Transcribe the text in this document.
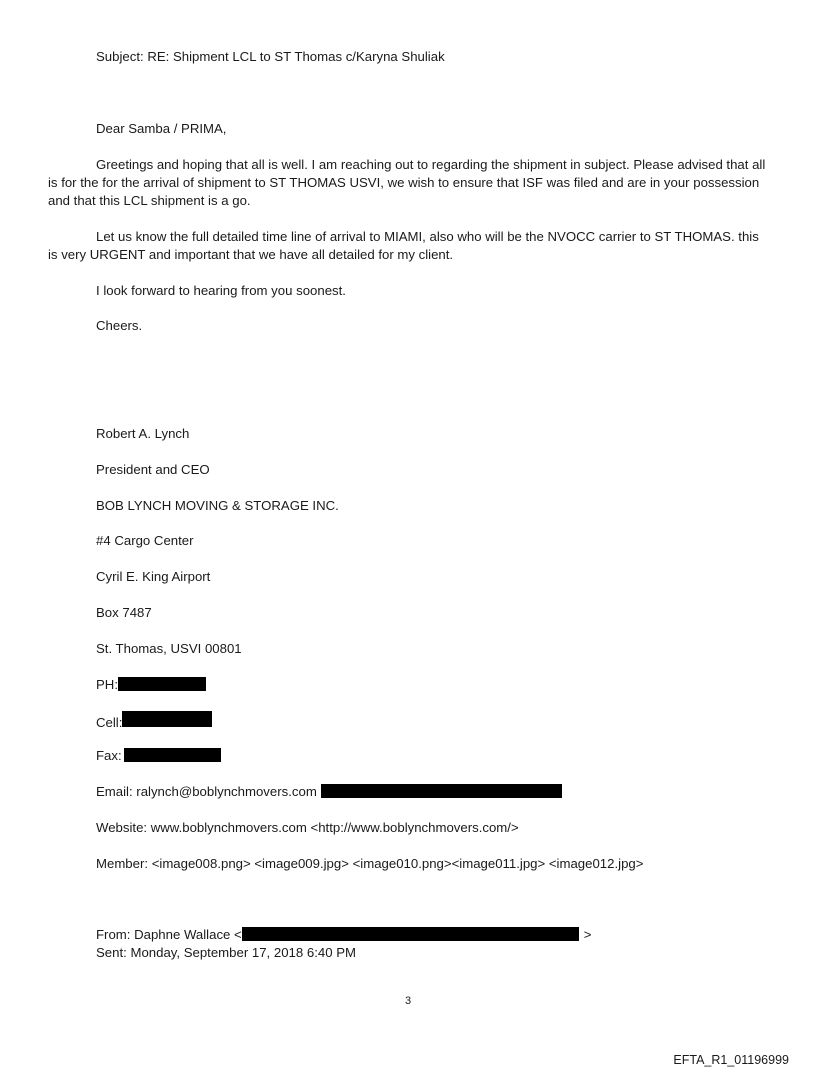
Subject: RE: Shipment LCL to ST Thomas c/Karyna Shuliak
Dear Samba / PRIMA,
Greetings and hoping that all is well. I am reaching out to regarding the shipment in subject. Please advised that all is for the for the arrival of shipment to ST THOMAS USVI, we wish to ensure that ISF was filed and are in your possession and that this LCL shipment is a go.
Let us know the full detailed time line of arrival to MIAMI, also who will be the NVOCC carrier to ST THOMAS. this is very URGENT and important that we have all detailed for my client.
I look forward to hearing from you soonest.
Cheers.
Robert A. Lynch
President and CEO
BOB LYNCH MOVING & STORAGE INC.
#4 Cargo Center
Cyril E. King Airport
Box 7487
St. Thomas, USVI 00801
PH:
Cell:
Fax:
Email: ralynch@boblynchmovers.com
Website: www.boblynchmovers.com <http://www.boblynchmovers.com/>
Member: <image008.png> <image009.jpg> <image010.png><image011.jpg> <image012.jpg>
From: Daphne Wallace <	>
Sent: Monday, September 17, 2018 6:40 PM
3
EFTA_R1_01196999
